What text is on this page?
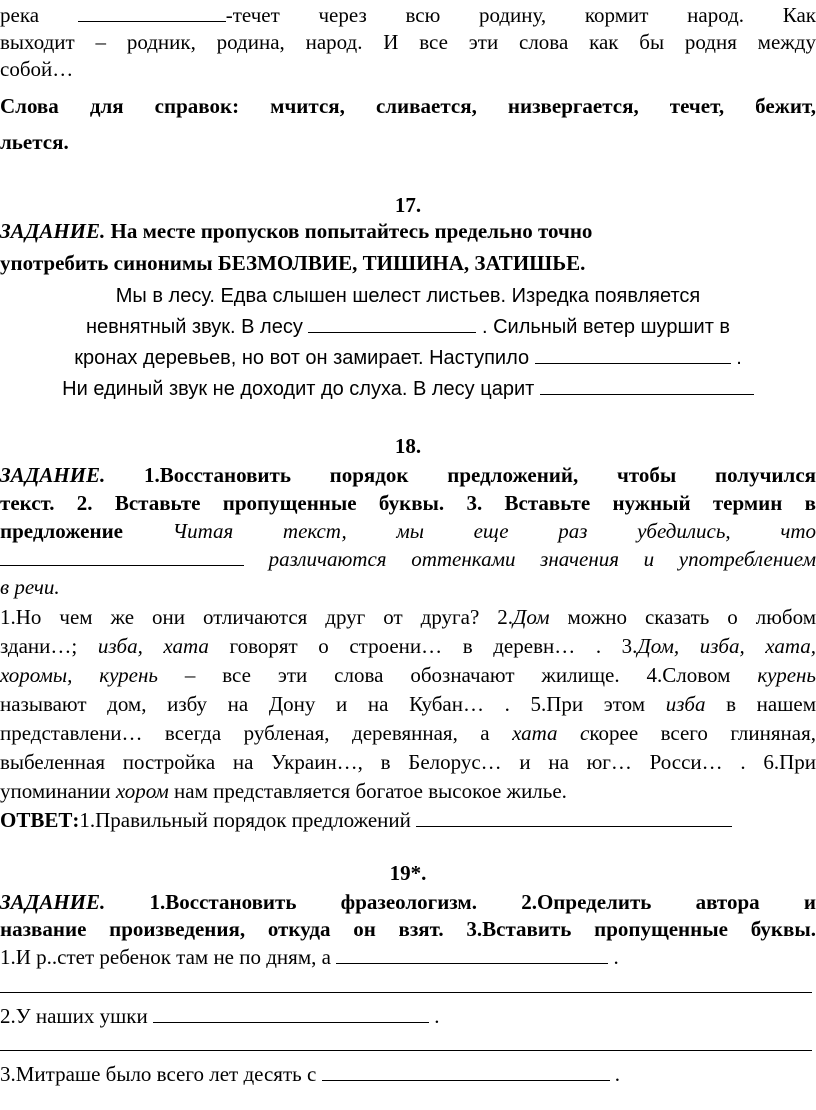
река	-течет через всю родину, кормит народ. Как
выходит – родник, родина, народ. И все эти слова как бы родня между
собой…
Слова для справок: мчится, сливается, низвергается, течет, бежит,
льется.
17.
ЗАДАНИЕ. На месте пропусков попытайтесь предельно точно
употребить синонимы БЕЗМОЛВИЕ, ТИШИНА, ЗАТИШЬЕ.
Мы в лесу. Едва слышен шелест листьев. Изредка появляется
невнятный звук. В лесу	. Сильный ветер шуршит в
кронах деревьев, но вот он замирает. Наступило	.
Ни единый звук не доходит до слуха. В лесу царит
18.
ЗАДАНИЕ. 1.Восстановить порядок предложений, чтобы получился
текст. 2. Вставьте пропущенные буквы. 3. Вставьте нужный термин в
предложение Читая текст, мы еще раз убедились, что
различаются оттенками значения и употреблением
в речи.
1.Но чем же они отличаются друг от друга? 2.Дом можно сказать о любом
здани…; изба, хата говорят о строени… в деревн… . 3.Дом, изба, хата,
хоромы, курень – все эти слова обозначают жилище. 4.Словом курень
называют дом, избу на Дону и на Кубан… . 5.При этом изба в нашем
представлени… всегда рубленая, деревянная, а хата скорее всего глиняная,
выбеленная постройка на Украин…, в Белорус… и на юг… Росси… . 6.При
упоминании хором нам представляется богатое высокое жилье.
ОТВЕТ:1.Правильный порядок предложений
19*.
ЗАДАНИЕ. 1.Восстановить фразеологизм. 2.Определить автора и
название произведения, откуда он взят. 3.Вставить пропущенные буквы.
1.И р..стет ребенок там не по дням, а	.
2.У наших ушки	.
3.Митраше было всего лет десять с	.
